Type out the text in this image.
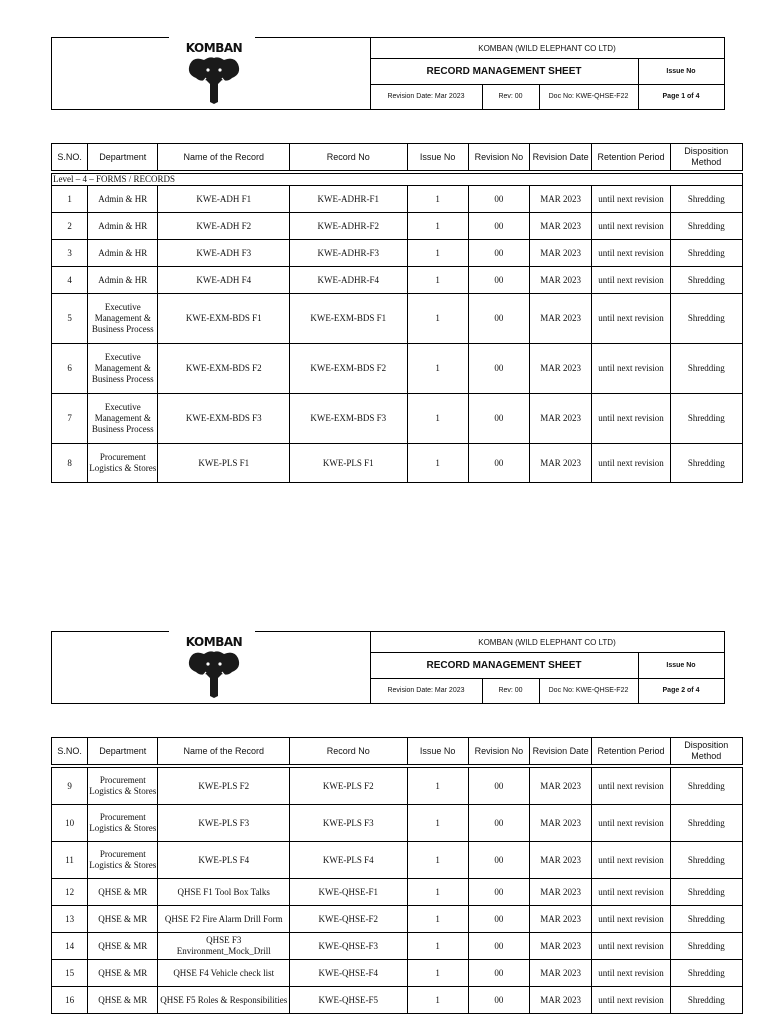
KOMBAN	KOMBAN (WILD ELEPHANT CO LTD)
RECORD MANAGEMENT SHEET	Issue No
Revision Date: Mar 2023	Rev: 00	Doc No: KWE-QHSE-F22	Page 1 of 4
S.NO.	Department	Name of the Record	Record No	Issue No	Revision No	Revision Date	Retention Period	Disposition Method

Level – 4 – FORMS / RECORDS								
1	Admin & HR	KWE-ADH F1	KWE-ADHR-F1	1	00	MAR 2023	until next revision	Shredding
2	Admin & HR	KWE-ADH F2	KWE-ADHR-F2	1	00	MAR 2023	until next revision	Shredding
3	Admin & HR	KWE-ADH F3	KWE-ADHR-F3	1	00	MAR 2023	until next revision	Shredding
4	Admin & HR	KWE-ADH F4	KWE-ADHR-F4	1	00	MAR 2023	until next revision	Shredding
5	Executive Management & Business Process	KWE-EXM-BDS F1	KWE-EXM-BDS F1	1	00	MAR 2023	until next revision	Shredding
6	Executive Management & Business Process	KWE-EXM-BDS F2	KWE-EXM-BDS F2	1	00	MAR 2023	until next revision	Shredding
7	Executive Management & Business Process	KWE-EXM-BDS F3	KWE-EXM-BDS F3	1	00	MAR 2023	until next revision	Shredding
8	Procurement Logistics & Stores	KWE-PLS F1	KWE-PLS F1	1	00	MAR 2023	until next revision	Shredding
KOMBAN	KOMBAN (WILD ELEPHANT CO LTD)
RECORD MANAGEMENT SHEET	Issue No
Revision Date: Mar 2023	Rev: 00	Doc No: KWE-QHSE-F22	Page 2 of 4
S.NO.	Department	Name of the Record	Record No	Issue No	Revision No	Revision Date	Retention Period	Disposition Method

9	Procurement Logistics & Stores	KWE-PLS F2	KWE-PLS F2	1	00	MAR 2023	until next revision	Shredding
10	Procurement Logistics & Stores	KWE-PLS F3	KWE-PLS F3	1	00	MAR 2023	until next revision	Shredding
11	Procurement Logistics & Stores	KWE-PLS F4	KWE-PLS F4	1	00	MAR 2023	until next revision	Shredding
12	QHSE & MR	QHSE F1 Tool Box Talks	KWE-QHSE-F1	1	00	MAR 2023	until next revision	Shredding
13	QHSE & MR	QHSE F2 Fire Alarm Drill Form	KWE-QHSE-F2	1	00	MAR 2023	until next revision	Shredding
14	QHSE & MR	QHSE F3 Environment_Mock_Drill	KWE-QHSE-F3	1	00	MAR 2023	until next revision	Shredding
15	QHSE & MR	QHSE F4 Vehicle check list	KWE-QHSE-F4	1	00	MAR 2023	until next revision	Shredding
16	QHSE & MR	QHSE F5 Roles & Responsibilities	KWE-QHSE-F5	1	00	MAR 2023	until next revision	Shredding
